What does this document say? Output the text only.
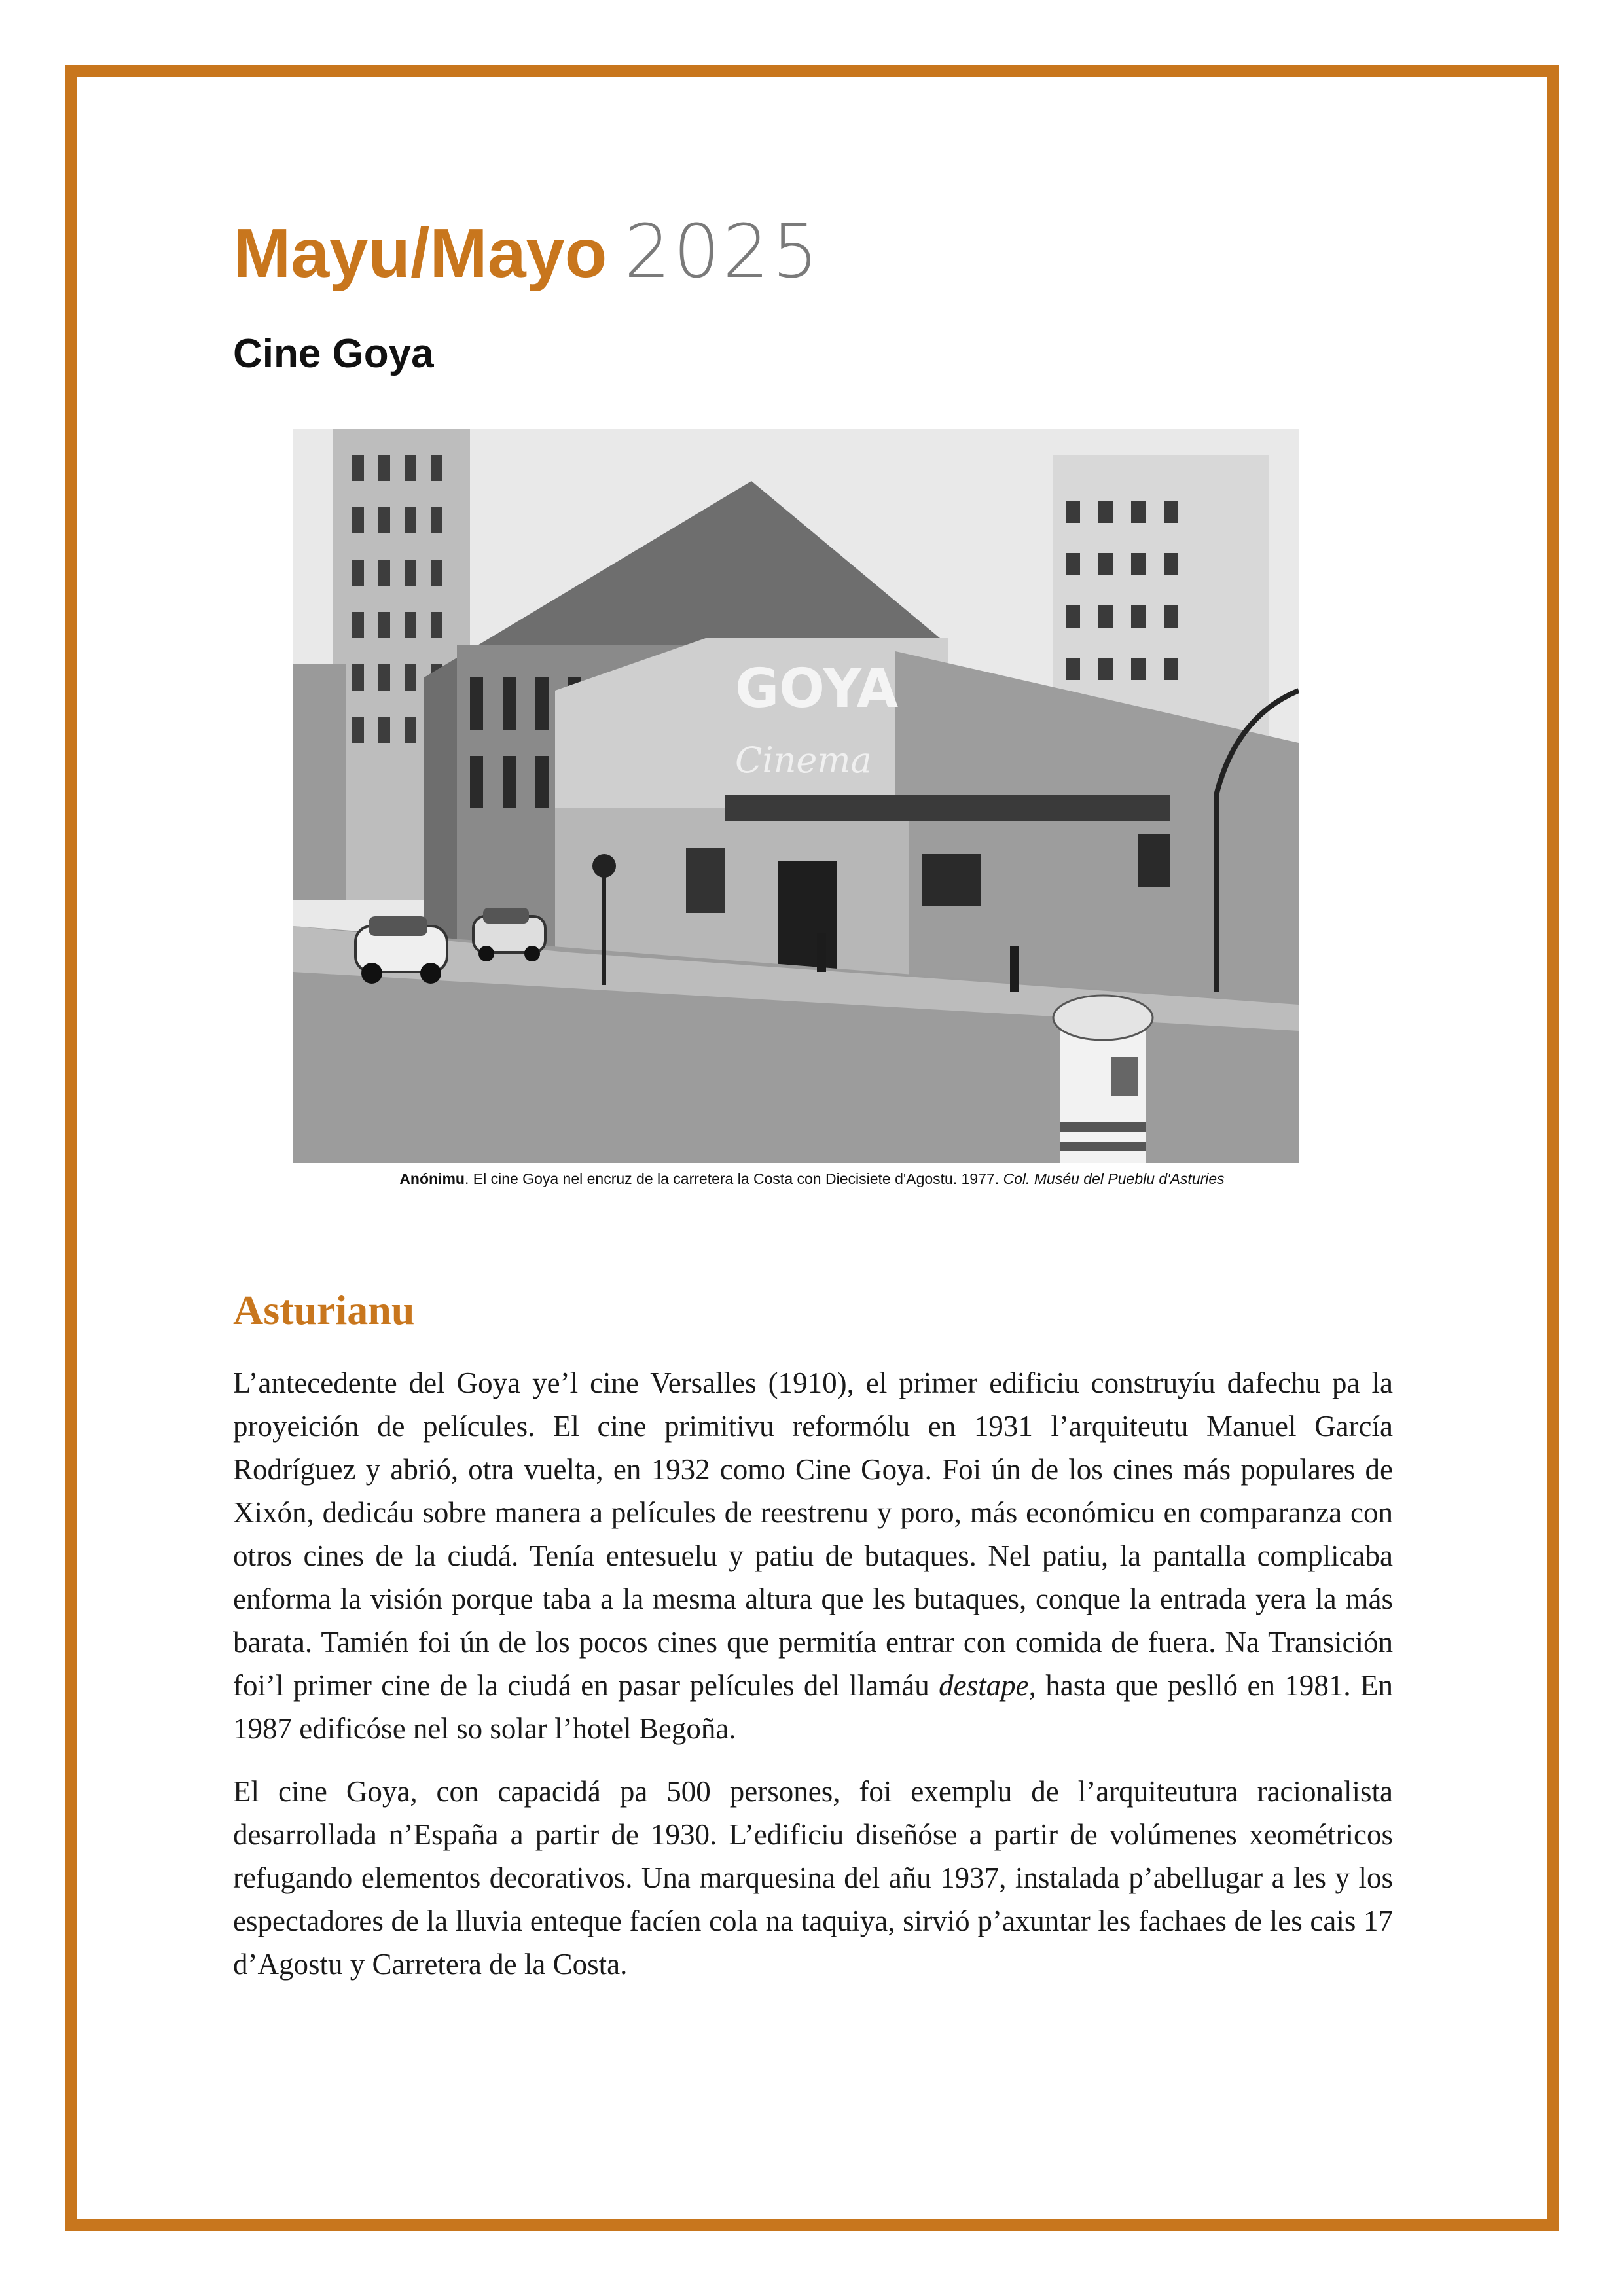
Mayu/Mayo 2025
Cine Goya
GOYA
Cinema
Anónimu. El cine Goya nel encruz de la carretera la Costa con Diecisiete d'Agostu. 1977. Col. Muséu del Pueblu d'Asturies
Asturianu

L’antecedente del Goya ye’l cine Versalles (1910), el primer edificiu construyíu dafechu pa la proyeición de películes. El cine primitivu reformólu en 1931 l’arquiteutu Manuel García Rodríguez y abrió, otra vuelta, en 1932 como Cine Goya. Foi ún de los cines más populares de Xixón, dedicáu sobre manera a películes de reestrenu y poro, más económicu en comparanza con otros cines de la ciudá. Tenía entesuelu y patiu de butaques. Nel patiu, la pantalla complicaba enforma la visión porque taba a la mesma altura que les butaques, conque la entrada yera la más barata. Tamién foi ún de los pocos cines que permitía entrar con comida de fuera. Na Transición foi’l primer cine de la ciudá en pasar películes del llamáu destape, hasta que peslló en 1981. En 1987 edificóse nel so solar l’hotel Begoña.

El cine Goya, con capacidá pa 500 persones, foi exemplu de l’arquiteutura racionalista desarrollada n’España a partir de 1930. L’edificiu diseñóse a partir de volúmenes xeométricos refugando elementos decorativos. Una marquesina del añu 1937, instalada p’abellugar a les y los espectadores de la lluvia enteque facíen cola na taquiya, sirvió p’axuntar les fachaes de les cais 17 d’Agostu y Carretera de la Costa.
